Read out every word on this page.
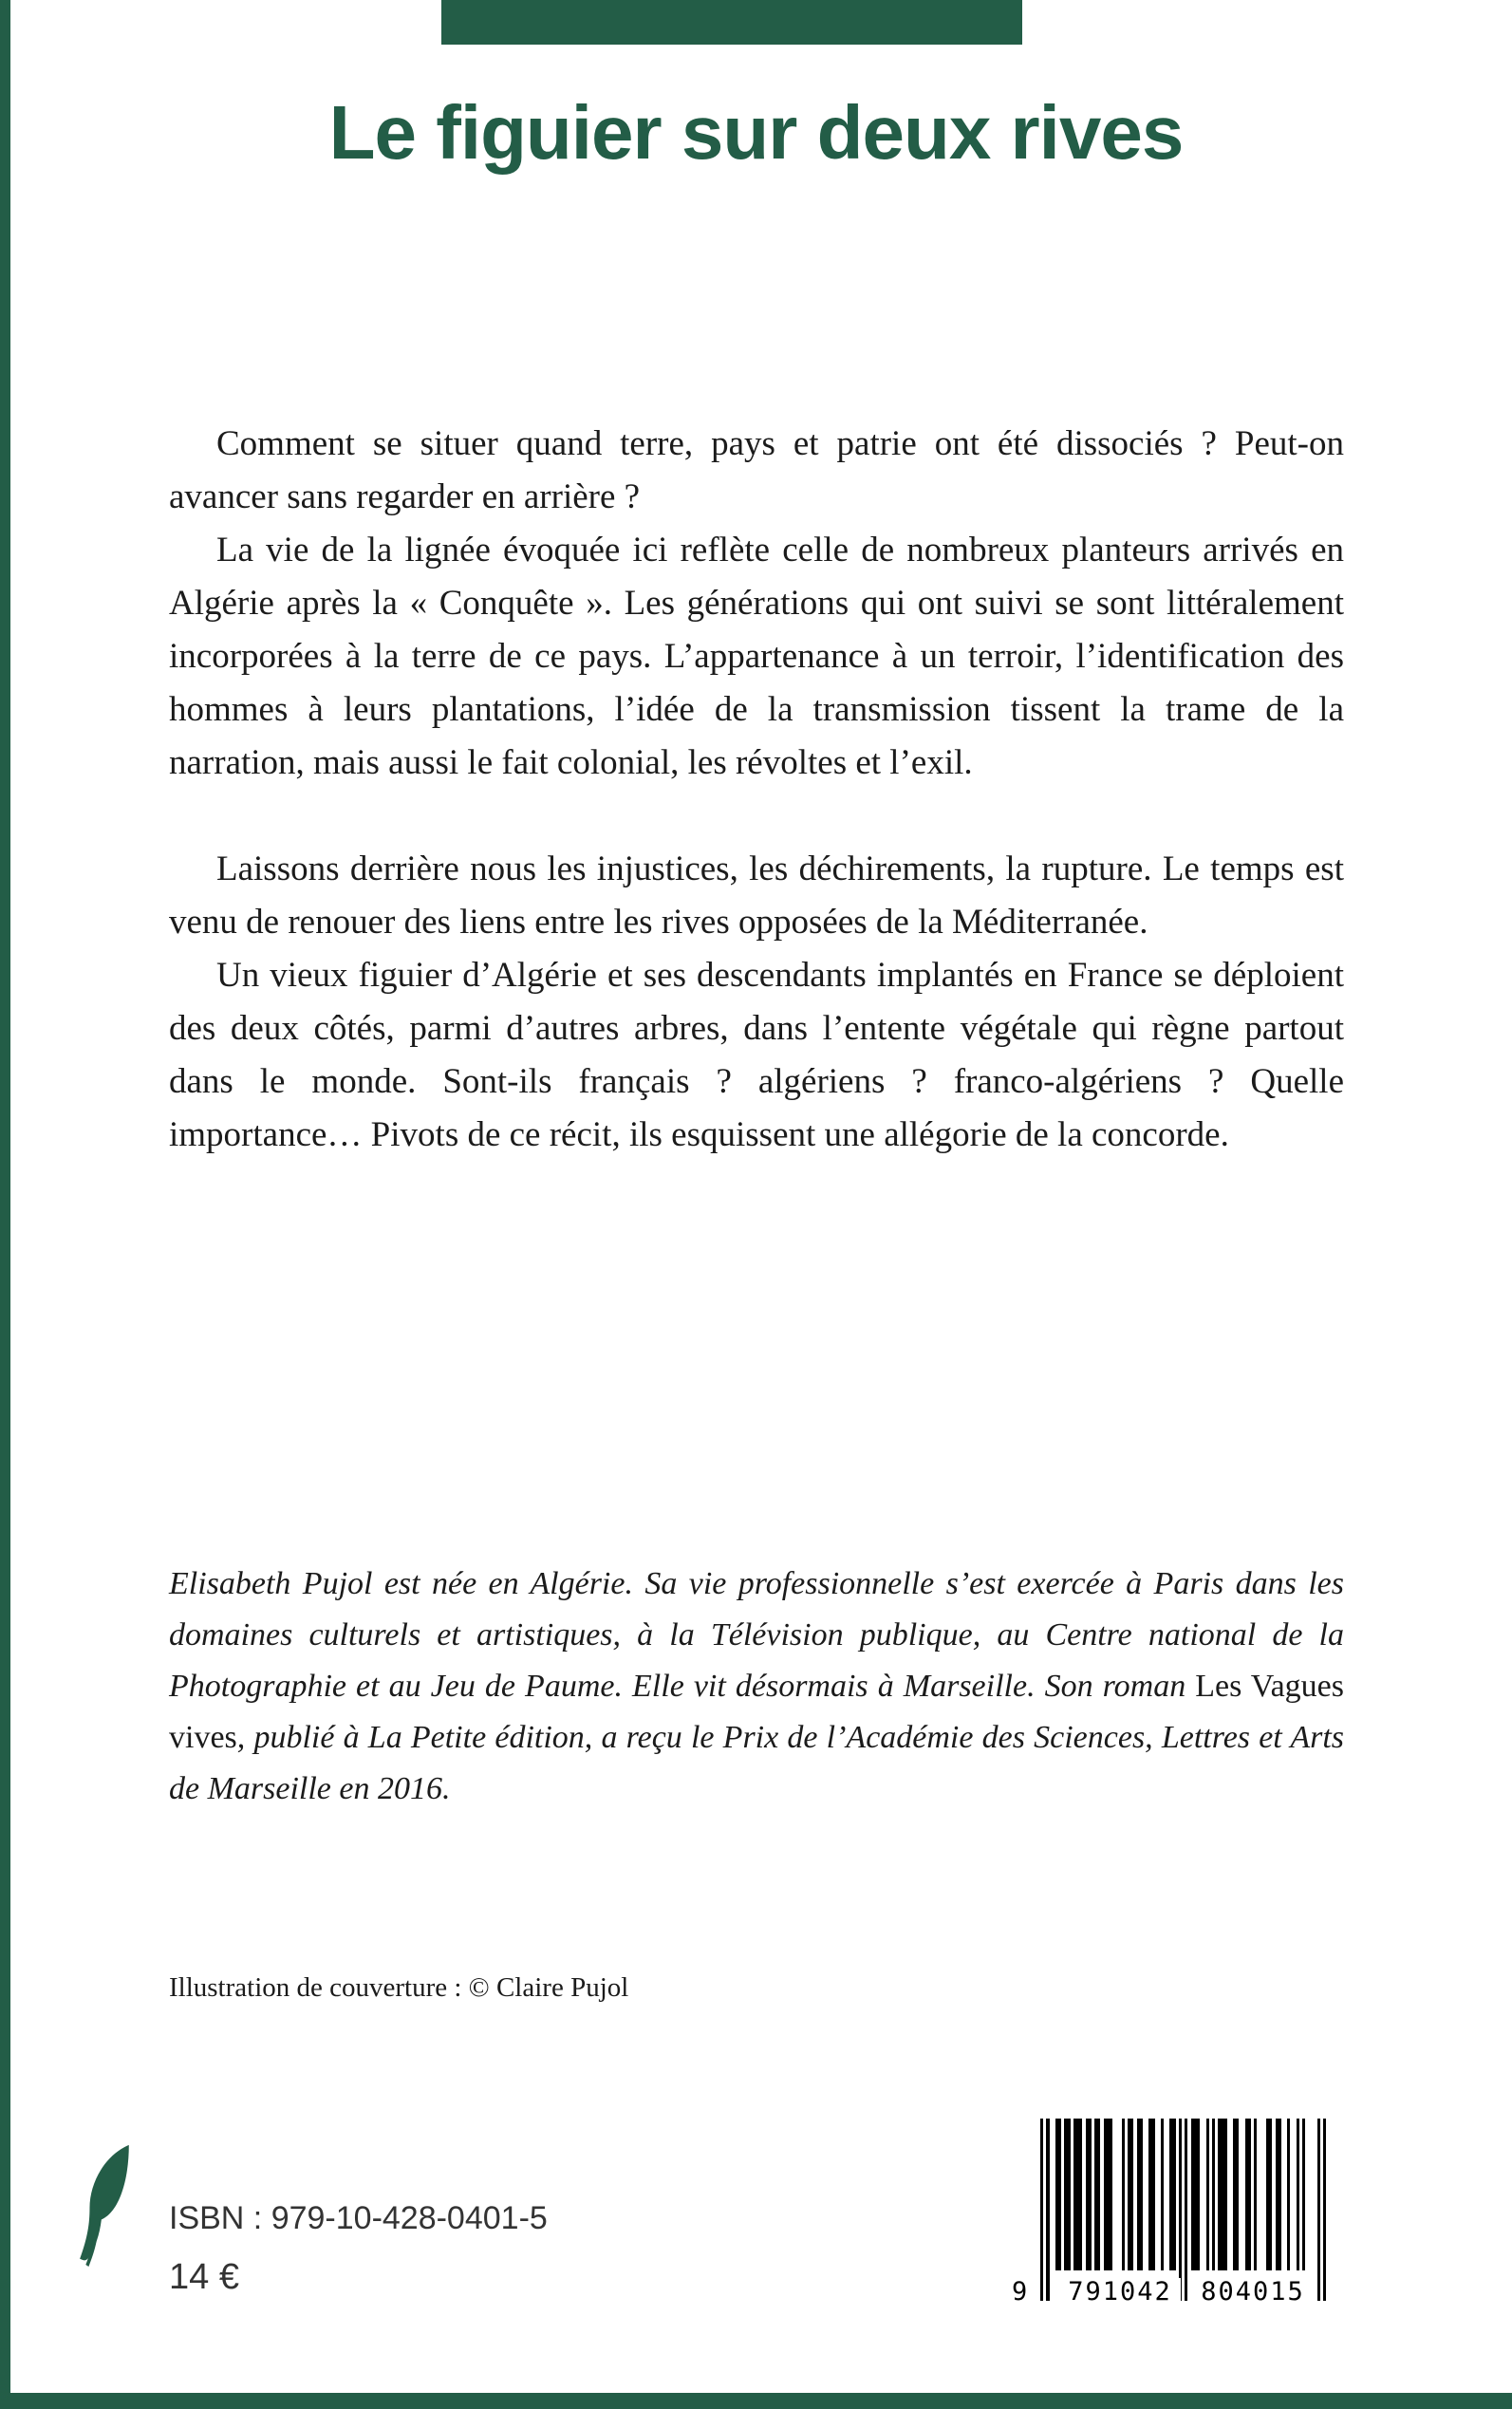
Le figuier sur deux rives

Comment se situer quand terre, pays et patrie ont été dissociés ? Peut-on avancer sans regarder en arrière ?

La vie de la lignée évoquée ici reflète celle de nombreux planteurs arrivés en Algérie après la « Conquête ». Les générations qui ont suivi se sont littéralement incorporées à la terre de ce pays. L’appartenance à un terroir, l’identification des hommes à leurs plantations, l’idée de la transmission tissent la trame de la narration, mais aussi le fait colonial, les révoltes et l’exil.

Laissons derrière nous les injustices, les déchirements, la rupture. Le temps est venu de renouer des liens entre les rives opposées de la Méditerranée.

Un vieux figuier d’Algérie et ses descendants implantés en France se déploient des deux côtés, parmi d’autres arbres, dans l’entente végétale qui règne partout dans le monde. Sont-ils français ? algériens ? franco-algériens ? Quelle importance… Pivots de ce récit, ils esquissent une allégorie de la concorde.

Elisabeth Pujol est née en Algérie. Sa vie professionnelle s’est exercée à Paris dans les domaines culturels et artistiques, à la Télévision publique, au Centre national de la Photographie et au Jeu de Paume. Elle vit désormais à Marseille. Son roman Les Vagues vives, publié à La Petite édition, a reçu le Prix de l’Académie des Sciences, Lettres et Arts de Marseille en 2016.
Illustration de couverture : © Claire Pujol
ISBN : 979-10-428-0401-5
14 €	9	791042	804015
